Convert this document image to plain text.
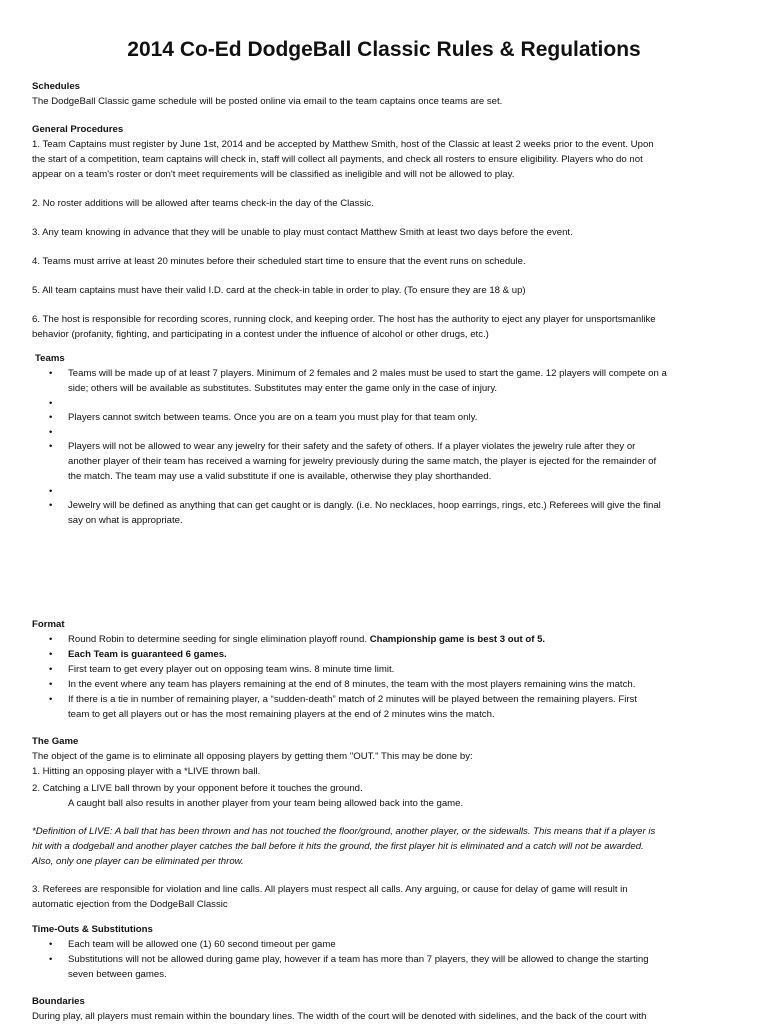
2014 Co-Ed DodgeBall Classic Rules & Regulations
Schedules
The DodgeBall Classic game schedule will be posted online via email to the team captains once teams are set.
General Procedures
1. Team Captains must register by June 1st, 2014 and be accepted by Matthew Smith, host of the Classic at least 2 weeks prior to the event. Upon
the start of a competition, team captains will check in, staff will collect all payments, and check all rosters to ensure eligibility. Players who do not
appear on a team's roster or don't meet requirements will be classified as ineligible and will not be allowed to play.
2. No roster additions will be allowed after teams check-in the day of the Classic.
3. Any team knowing in advance that they will be unable to play must contact Matthew Smith at least two days before the event.
4. Teams must arrive at least 20 minutes before their scheduled start time to ensure that the event runs on schedule.
5. All team captains must have their valid I.D. card at the check-in table in order to play. (To ensure they are 18 & up)
6. The host is responsible for recording scores, running clock, and keeping order. The host has the authority to eject any player for unsportsmanlike
behavior (profanity, fighting, and participating in a contest under the influence of alcohol or other drugs, etc.)
Teams
• Teams will be made up of at least 7 players. Minimum of 2 females and 2 males must be used to start the game. 12 players will compete on a
side; others will be available as substitutes. Substitutes may enter the game only in the case of injury.
•
• Players cannot switch between teams. Once you are on a team you must play for that team only.
•
• Players will not be allowed to wear any jewelry for their safety and the safety of others. If a player violates the jewelry rule after they or
another player of their team has received a warning for jewelry previously during the same match, the player is ejected for the remainder of
the match. The team may use a valid substitute if one is available, otherwise they play shorthanded.
•
• Jewelry will be defined as anything that can get caught or is dangly. (i.e. No necklaces, hoop earrings, rings, etc.) Referees will give the final
say on what is appropriate.
Format
• Round Robin to determine seeding for single elimination playoff round. Championship game is best 3 out of 5.
• Each Team is guaranteed 6 games.
• First team to get every player out on opposing team wins. 8 minute time limit.
• In the event where any team has players remaining at the end of 8 minutes, the team with the most players remaining wins the match.
• If there is a tie in number of remaining player, a “sudden-death” match of 2 minutes will be played between the remaining players. First
team to get all players out or has the most remaining players at the end of 2 minutes wins the match.
The Game
The object of the game is to eliminate all opposing players by getting them "OUT." This may be done by:
1. Hitting an opposing player with a *LIVE thrown ball.
2. Catching a LIVE ball thrown by your opponent before it touches the ground.
A caught ball also results in another player from your team being allowed back into the game.
*Definition of LIVE: A ball that has been thrown and has not touched the floor/ground, another player, or the sidewalls. This means that if a player is
hit with a dodgeball and another player catches the ball before it hits the ground, the first player hit is eliminated and a catch will not be awarded.
Also, only one player can be eliminated per throw.
3. Referees are responsible for violation and line calls. All players must respect all calls. Any arguing, or cause for delay of game will result in
automatic ejection from the DodgeBall Classic
Time-Outs & Substitutions
• Each team will be allowed one (1) 60 second timeout per game
• Substitutions will not be allowed during game play, however if a team has more than 7 players, they will be allowed to change the starting
seven between games.
Boundaries
During play, all players must remain within the boundary lines. The width of the court will be denoted with sidelines, and the back of the court with
